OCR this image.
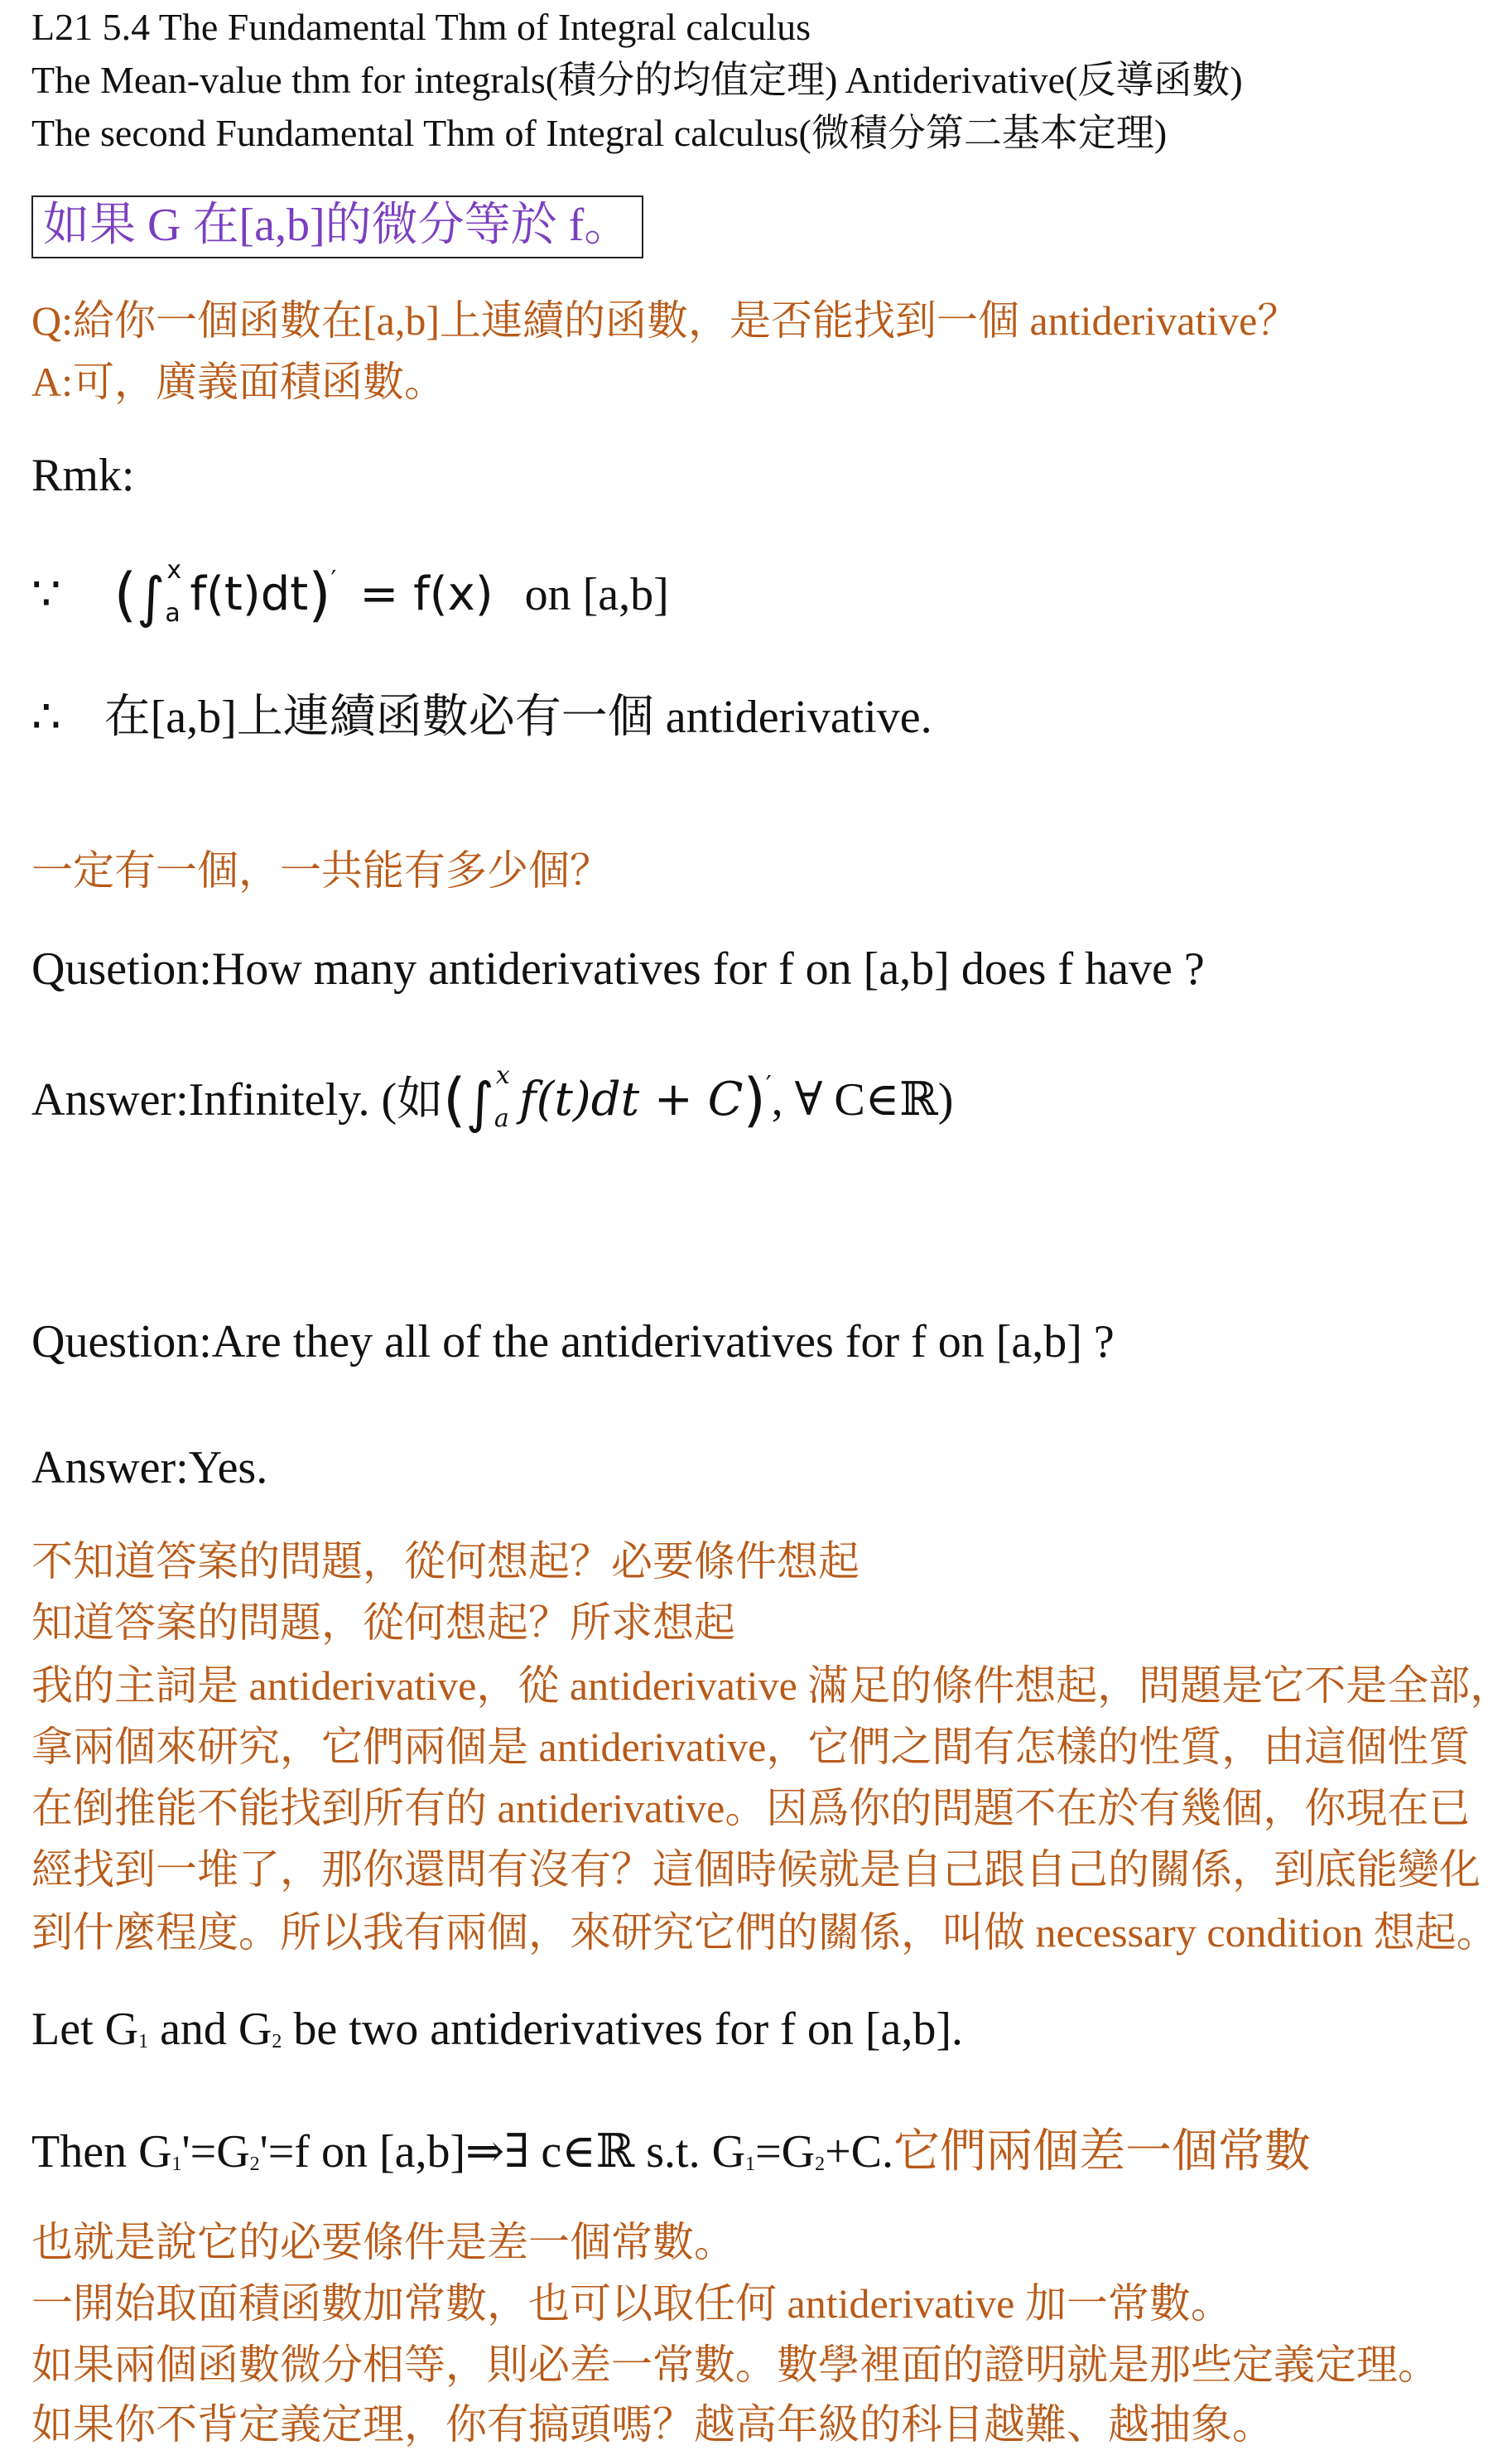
L21 5.4 The Fundamental Thm of Integral calculus
The Mean-value thm for integrals(積分的均值定理) Antiderivative(反導函數)
The second Fundamental Thm of Integral calculus(微積分第二基本定理)
如果 G 在[a,b]的微分等於 f。
Q:給你一個函數在[a,b]上連續的函數，是否能找到一個 antiderivative？
A:可，廣義面積函數。
Rmk:
∵ (∫ x
a f(t)dt)′ = f(x) on [a,b]
∴ 在[a,b]上連續函數必有一個 antiderivative.
一定有一個，一共能有多少個？
Qusetion:How many antiderivatives for f on [a,b] does f have ?
Answer:Infinitely. (如(∫ x
a f(t)dt + C)′, ∀ C∈ℝ)
Question:Are they all of the antiderivatives for f on [a,b] ?
Answer:Yes.
不知道答案的問題，從何想起？必要條件想起
知道答案的問題，從何想起？所求想起
我的主詞是 antiderivative，從 antiderivative 滿足的條件想起，問題是它不是全部，
拿兩個來研究，它們兩個是 antiderivative，它們之間有怎樣的性質，由這個性質
在倒推能不能找到所有的 antiderivative。因爲你的問題不在於有幾個，你現在已
經找到一堆了，那你還問有沒有？這個時候就是自己跟自己的關係，到底能變化
到什麼程度。所以我有兩個，來研究它們的關係，叫做 necessary condition 想起。
Let G1 and G2 be two antiderivatives for f on [a,b].
Then G1'=G2'=f on [a,b]⇒∃ c∈ℝ s.t. G1=G2+C.它們兩個差一個常數
也就是說它的必要條件是差一個常數。
一開始取面積函數加常數，也可以取任何 antiderivative 加一常數。
如果兩個函數微分相等，則必差一常數。數學裡面的證明就是那些定義定理。
如果你不背定義定理，你有搞頭嗎？越高年級的科目越難、越抽象。
